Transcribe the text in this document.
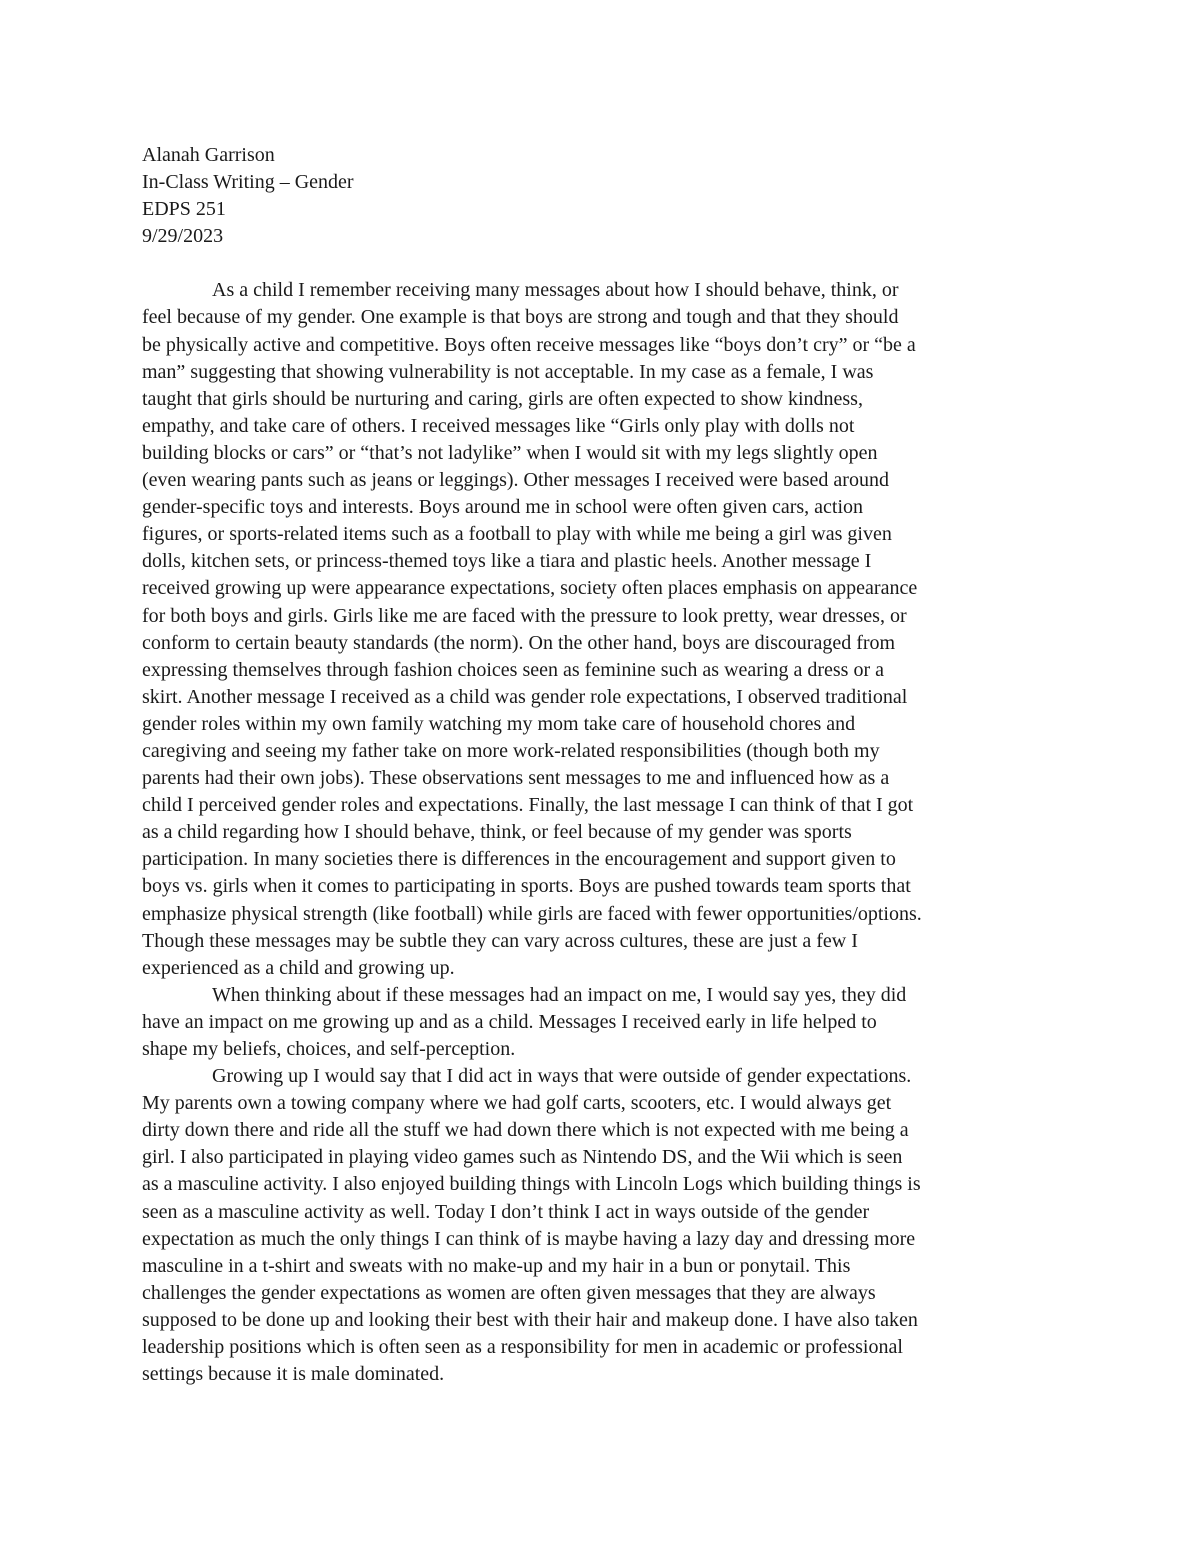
Alanah Garrison
In-Class Writing – Gender
EDPS 251
9/29/2023
As a child I remember receiving many messages about how I should behave, think, or
feel because of my gender. One example is that boys are strong and tough and that they should
be physically active and competitive. Boys often receive messages like “boys don’t cry” or “be a
man” suggesting that showing vulnerability is not acceptable. In my case as a female, I was
taught that girls should be nurturing and caring, girls are often expected to show kindness,
empathy, and take care of others. I received messages like “Girls only play with dolls not
building blocks or cars” or “that’s not ladylike” when I would sit with my legs slightly open
(even wearing pants such as jeans or leggings). Other messages I received were based around
gender-specific toys and interests. Boys around me in school were often given cars, action
figures, or sports-related items such as a football to play with while me being a girl was given
dolls, kitchen sets, or princess-themed toys like a tiara and plastic heels. Another message I
received growing up were appearance expectations, society often places emphasis on appearance
for both boys and girls. Girls like me are faced with the pressure to look pretty, wear dresses, or
conform to certain beauty standards (the norm). On the other hand, boys are discouraged from
expressing themselves through fashion choices seen as feminine such as wearing a dress or a
skirt. Another message I received as a child was gender role expectations, I observed traditional
gender roles within my own family watching my mom take care of household chores and
caregiving and seeing my father take on more work-related responsibilities (though both my
parents had their own jobs). These observations sent messages to me and influenced how as a
child I perceived gender roles and expectations. Finally, the last message I can think of that I got
as a child regarding how I should behave, think, or feel because of my gender was sports
participation. In many societies there is differences in the encouragement and support given to
boys vs. girls when it comes to participating in sports. Boys are pushed towards team sports that
emphasize physical strength (like football) while girls are faced with fewer opportunities/options.
Though these messages may be subtle they can vary across cultures, these are just a few I
experienced as a child and growing up.
When thinking about if these messages had an impact on me, I would say yes, they did
have an impact on me growing up and as a child. Messages I received early in life helped to
shape my beliefs, choices, and self-perception.
Growing up I would say that I did act in ways that were outside of gender expectations.
My parents own a towing company where we had golf carts, scooters, etc. I would always get
dirty down there and ride all the stuff we had down there which is not expected with me being a
girl. I also participated in playing video games such as Nintendo DS, and the Wii which is seen
as a masculine activity. I also enjoyed building things with Lincoln Logs which building things is
seen as a masculine activity as well. Today I don’t think I act in ways outside of the gender
expectation as much the only things I can think of is maybe having a lazy day and dressing more
masculine in a t-shirt and sweats with no make-up and my hair in a bun or ponytail. This
challenges the gender expectations as women are often given messages that they are always
supposed to be done up and looking their best with their hair and makeup done. I have also taken
leadership positions which is often seen as a responsibility for men in academic or professional
settings because it is male dominated.
